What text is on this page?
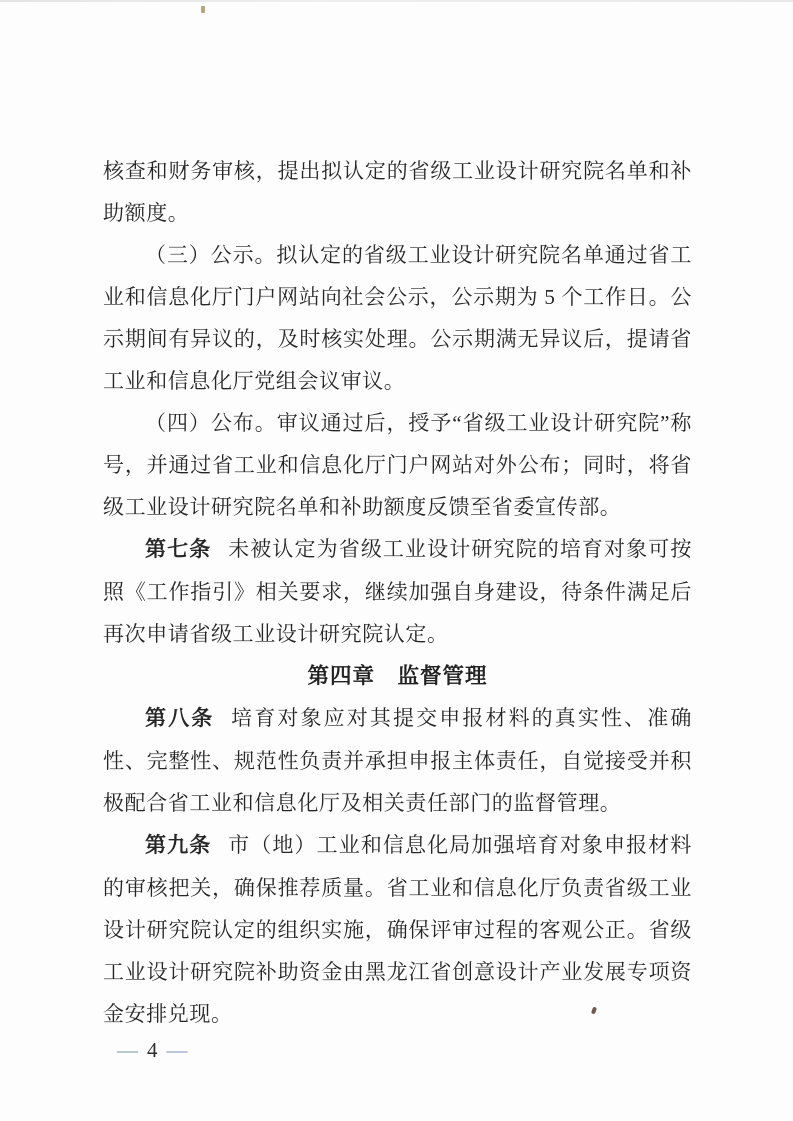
核查和财务审核，提出拟认定的省级工业设计研究院名单和补助额度。

（三）公示。拟认定的省级工业设计研究院名单通过省工业和信息化厅门户网站向社会公示，公示期为 5 个工作日。公示期间有异议的，及时核实处理。公示期满无异议后，提请省工业和信息化厅党组会议审议。

（四）公布。审议通过后，授予“省级工业设计研究院”称号，并通过省工业和信息化厅门户网站对外公布；同时，将省级工业设计研究院名单和补助额度反馈至省委宣传部。

第七条 未被认定为省级工业设计研究院的培育对象可按照《工作指引》相关要求，继续加强自身建设，待条件满足后再次申请省级工业设计研究院认定。

第四章　监督管理

第八条 培育对象应对其提交申报材料的真实性、准确性、完整性、规范性负责并承担申报主体责任，自觉接受并积极配合省工业和信息化厅及相关责任部门的监督管理。

第九条 市（地）工业和信息化局加强培育对象申报材料的审核把关，确保推荐质量。省工业和信息化厅负责省级工业设计研究院认定的组织实施，确保评审过程的客观公正。省级工业设计研究院补助资金由黑龙江省创意设计产业发展专项资金安排兑现。

— 4 —
